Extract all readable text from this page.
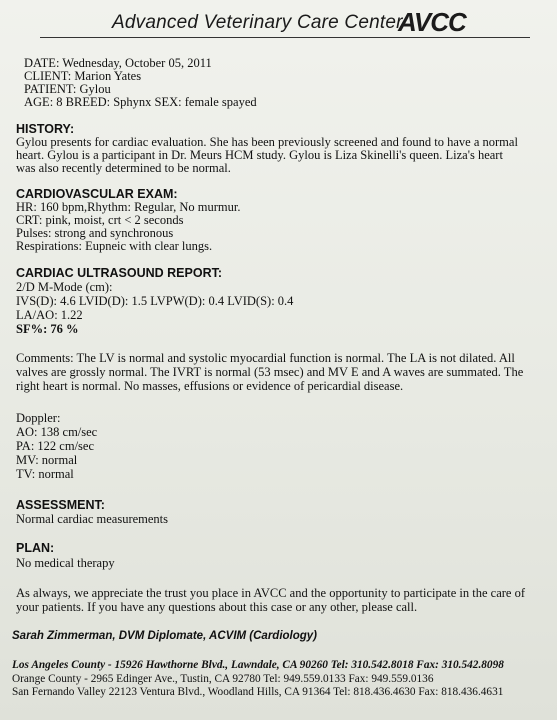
Advanced Veterinary Care Center
AVCC
DATE: Wednesday, October 05, 2011
CLIENT: Marion Yates
PATIENT: Gylou
AGE: 8 BREED: Sphynx SEX: female spayed
HISTORY:
Gylou presents for cardiac evaluation. She has been previously screened and found to have a normal
heart. Gylou is a participant in Dr. Meurs HCM study. Gylou is Liza Skinelli's queen. Liza's heart
was also recently determined to be normal.
CARDIOVASCULAR EXAM:
HR: 160 bpm,Rhythm: Regular, No murmur.
CRT: pink, moist, crt < 2 seconds
Pulses: strong and synchronous
Respirations: Eupneic with clear lungs.
CARDIAC ULTRASOUND REPORT:
2/D M-Mode (cm):
IVS(D): 4.6 LVID(D): 1.5 LVPW(D): 0.4 LVID(S): 0.4
LA/AO: 1.22
SF%: 76 %
Comments: The LV is normal and systolic myocardial function is normal. The LA is not dilated. All
valves are grossly normal. The IVRT is normal (53 msec) and MV E and A waves are summated. The
right heart is normal. No masses, effusions or evidence of pericardial disease.
Doppler:
AO: 138 cm/sec
PA: 122 cm/sec
MV: normal
TV: normal
ASSESSMENT:
Normal cardiac measurements
PLAN:
No medical therapy
As always, we appreciate the trust you place in AVCC and the opportunity to participate in the care of
your patients. If you have any questions about this case or any other, please call.
Sarah Zimmerman, DVM Diplomate, ACVIM (Cardiology)
Los Angeles County - 15926 Hawthorne Blvd., Lawndale, CA 90260 Tel: 310.542.8018 Fax: 310.542.8098
Orange County - 2965 Edinger Ave., Tustin, CA 92780 Tel: 949.559.0133 Fax: 949.559.0136
San Fernando Valley 22123 Ventura Blvd., Woodland Hills, CA 91364 Tel: 818.436.4630 Fax: 818.436.4631
